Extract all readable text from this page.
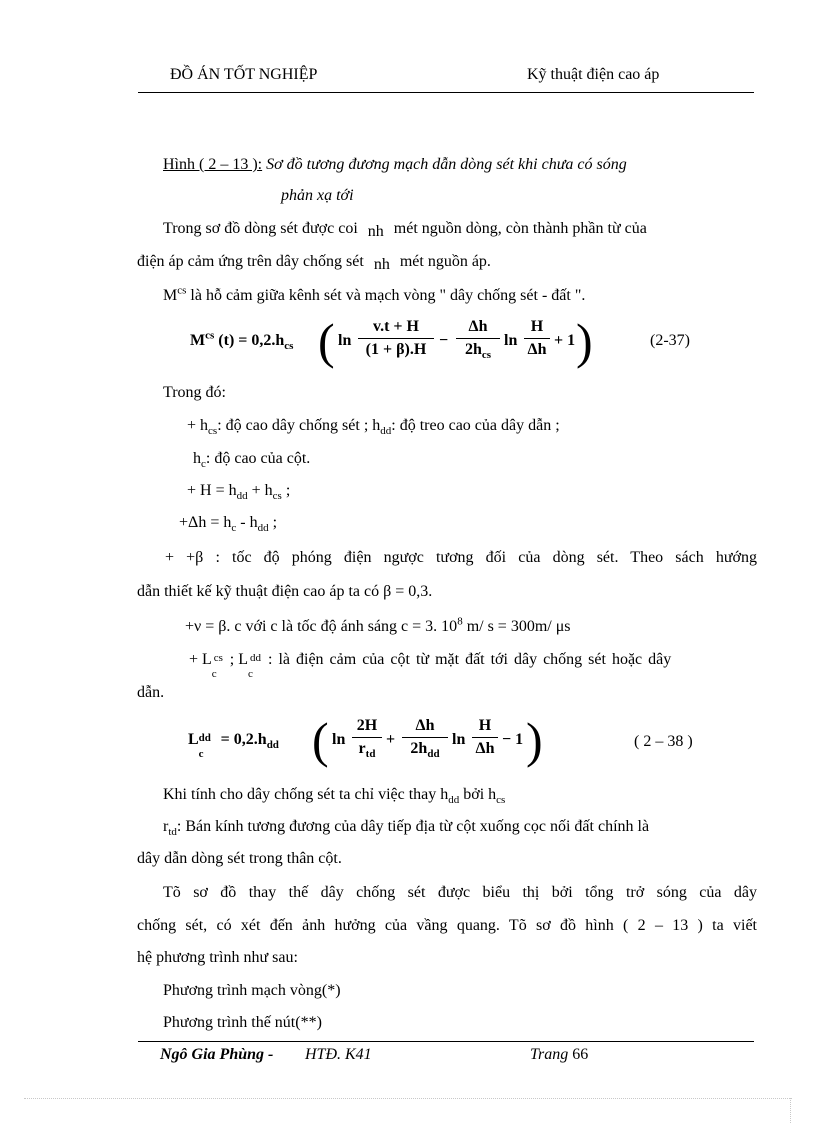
ĐỒ ÁN TỐT NGHIỆP	Kỹ thuật điện cao áp
Hình ( 2 – 13 ): Sơ đồ tương đương mạch dẫn dòng sét khi chưa có sóng
phản xạ tới
Trong sơ đồ dòng sét được coi nh mét nguồn dòng, còn thành phần từ của
điện áp cảm ứng trên dây chống sét nh mét nguồn áp.
$M^{cs}$ là hỗ cảm giữa kênh sét và mạch vòng " dây chống sét - đất ".
$M^{cs}$ $(t) = 0,2.h_{cs}$ ( ln
v.t + H
(1 + β).H
−
Δh
$2h_{cs}$
ln
H
Δh
+ 1 )	(2-37)
Trong đó:
+ $h_{cs}$: độ cao dây chống sét ; $h_{dd}$: độ treo cao của dây dẫn ;
$h_c$: độ cao của cột.
+ $H = h_{dd} + h_{cs}$ ;
$+\Delta h = h_c - h_{dd}$ ;
+ +β : tốc độ phóng điện ngược tương đối của dòng sét. Theo sách hướng
dẫn thiết kế kỹ thuật điện cao áp ta có β = 0,3.
+ν = β. c với c là tốc độ ánh sáng c = 3. $10^8$ m/ s = 300m/ μs
+ L
c
cs ; L
c
dd : là điện cảm của cột từ mặt đất tới dây chống sét hoặc dây
dẫn.
L dd
c
= $0,2.h_{dd}$ ( ln
2H
$r_{td}$
+
Δh
$2h_{dd}$
ln
H
Δh
− 1 )	( 2 – 38 )
Khi tính cho dây chống sét ta chỉ việc thay $h_{dd}$ bởi $h_{cs}$
$r_{td}$: Bán kính tương đương của dây tiếp địa từ cột xuống cọc nối đất chính là
dây dẫn dòng sét trong thân cột.
Tõ sơ đồ thay thế dây chống sét được biểu thị bởi tổng trở sóng của dây
chống sét, có xét đến ảnh hưởng của vầng quang. Tõ sơ đồ hình ( 2 – 13 ) ta viết
hệ phương trình như sau:
Phương trình mạch vòng(*)
Phương trình thế nút(**)
Ngô Gia Phùng - HTĐ. K41	Trang 66
